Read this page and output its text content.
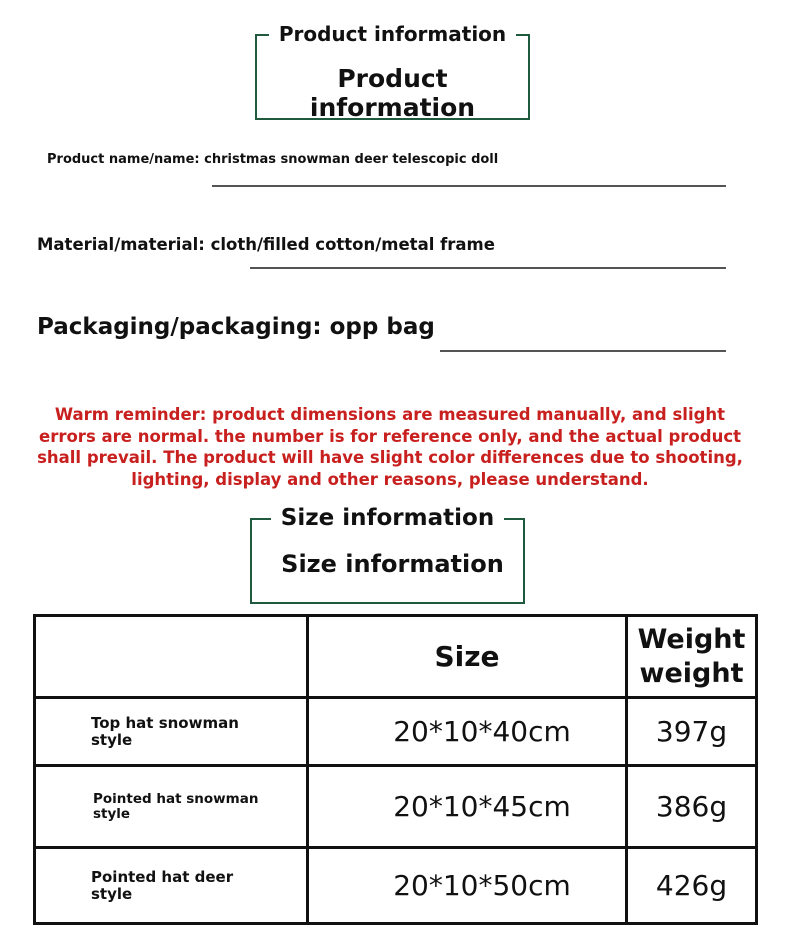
Product information
Product information
Product name/name: christmas snowman deer telescopic doll
Material/material: cloth/filled cotton/metal frame
Packaging/packaging: opp bag
Warm reminder: product dimensions are measured manually, and slight errors are normal. the number is for reference only, and the actual product shall prevail. The product will have slight color differences due to shooting, lighting, display and other reasons, please understand.
Size information
Size information
	Size	Weight
weight

Top hat snowman style	20*10*40cm	397g
Pointed hat snowman style	20*10*45cm	386g
Pointed hat deer style	20*10*50cm	426g
